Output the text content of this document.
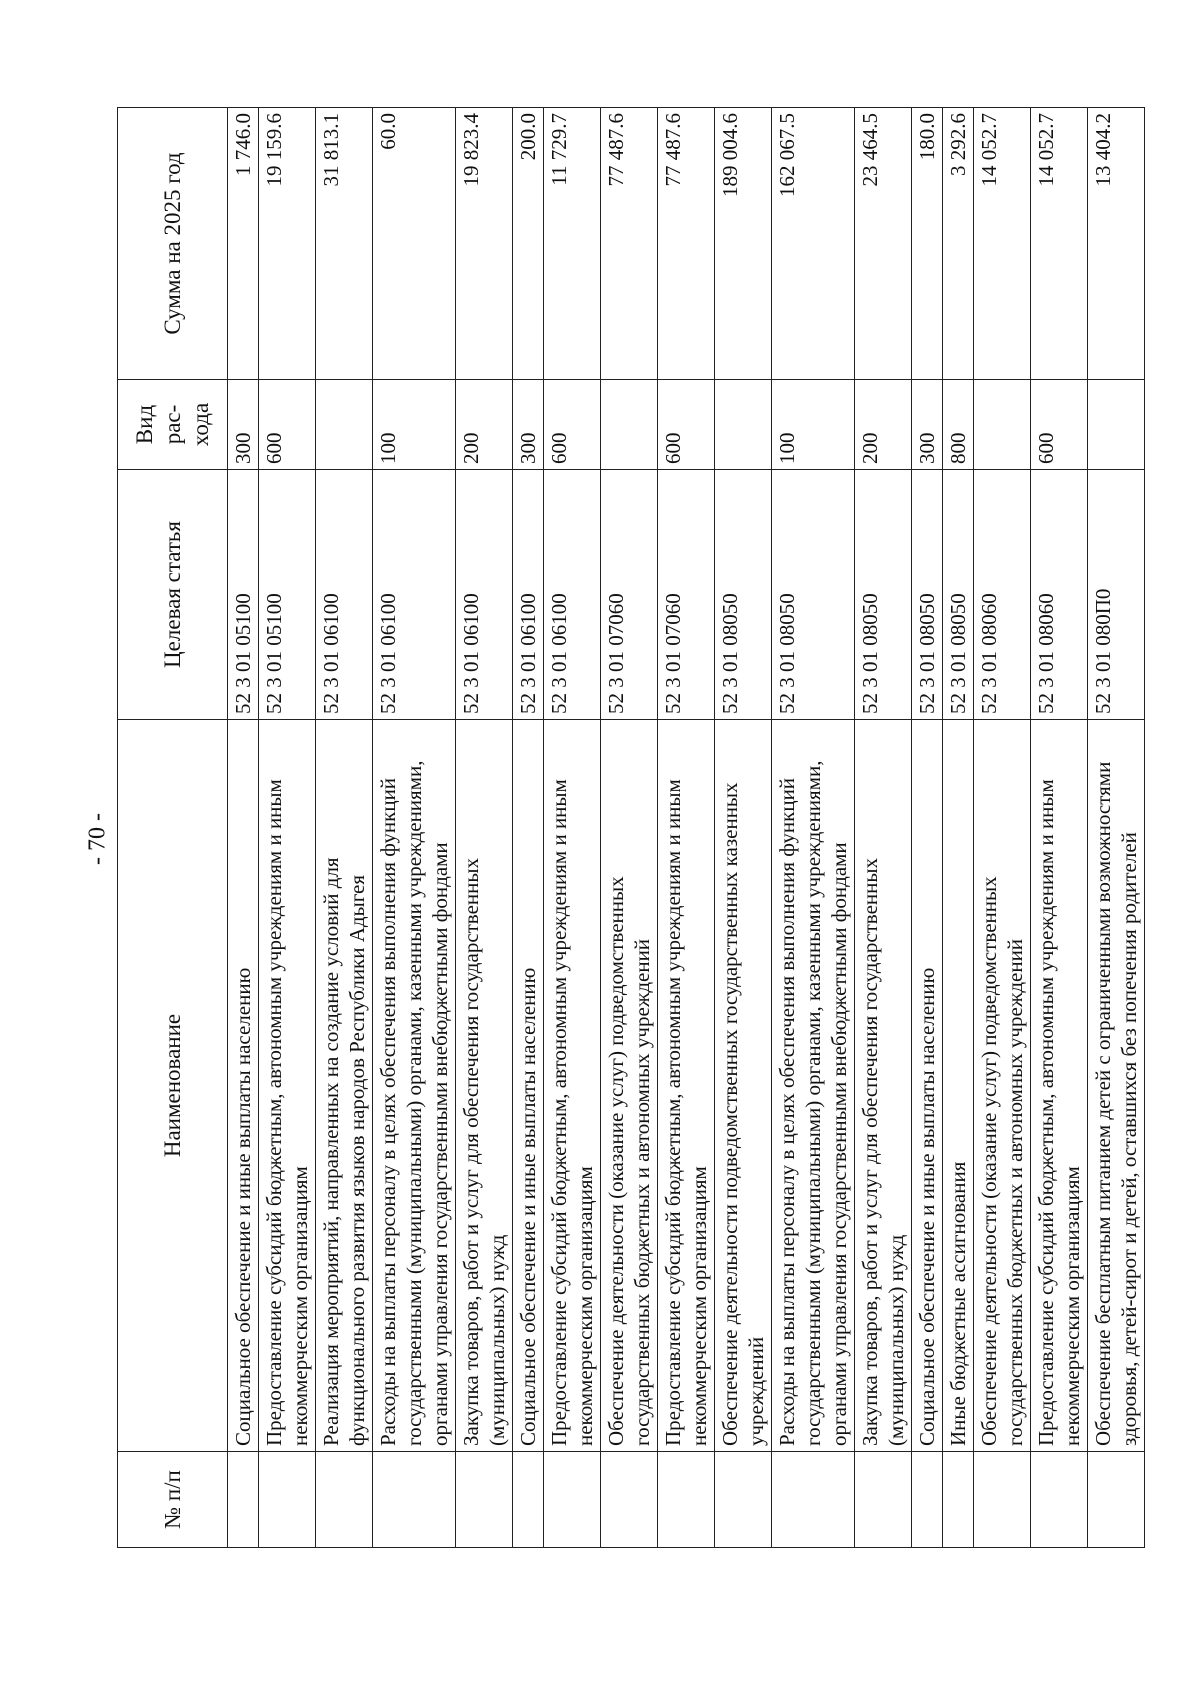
- 70 -
№ п/п	Наименование	Целевая статья	Вид рас-хода	Сумма на 2025 год
	Социальное обеспечение и иные выплаты населению	52 3 01 05100	300	1 746.0
	Предоставление субсидий бюджетным, автономным учреждениям и иным некоммерческим организациям	52 3 01 05100	600	19 159.6
	Реализация мероприятий, направленных на создание условий для функционального развития языков народов Республики Адыгея	52 3 01 06100		31 813.1
	Расходы на выплаты персоналу в целях обеспечения выполнения функций государственными (муниципальными) органами, казенными учреждениями, органами управления государственными внебюджетными фондами	52 3 01 06100	100	60.0
	Закупка товаров, работ и услуг для обеспечения государственных (муниципальных) нужд	52 3 01 06100	200	19 823.4
	Социальное обеспечение и иные выплаты населению	52 3 01 06100	300	200.0
	Предоставление субсидий бюджетным, автономным учреждениям и иным некоммерческим организациям	52 3 01 06100	600	11 729.7
	Обеспечение деятельности (оказание услуг) подведомственных государственных бюджетных и автономных учреждений	52 3 01 07060		77 487.6
	Предоставление субсидий бюджетным, автономным учреждениям и иным некоммерческим организациям	52 3 01 07060	600	77 487.6
	Обеспечение деятельности подведомственных государственных казенных учреждений	52 3 01 08050		189 004.6
	Расходы на выплаты персоналу в целях обеспечения выполнения функций государственными (муниципальными) органами, казенными учреждениями, органами управления государственными внебюджетными фондами	52 3 01 08050	100	162 067.5
	Закупка товаров, работ и услуг для обеспечения государственных (муниципальных) нужд	52 3 01 08050	200	23 464.5
	Социальное обеспечение и иные выплаты населению	52 3 01 08050	300	180.0
	Иные бюджетные ассигнования	52 3 01 08050	800	3 292.6
	Обеспечение деятельности (оказание услуг) подведомственных государственных бюджетных и автономных учреждений	52 3 01 08060		14 052.7
	Предоставление субсидий бюджетным, автономным учреждениям и иным некоммерческим организациям	52 3 01 08060	600	14 052.7
	Обеспечение бесплатным питанием детей с ограниченными возможностями здоровья, детей-сирот и детей, оставшихся без попечения родителей	52 3 01 080П0		13 404.2
